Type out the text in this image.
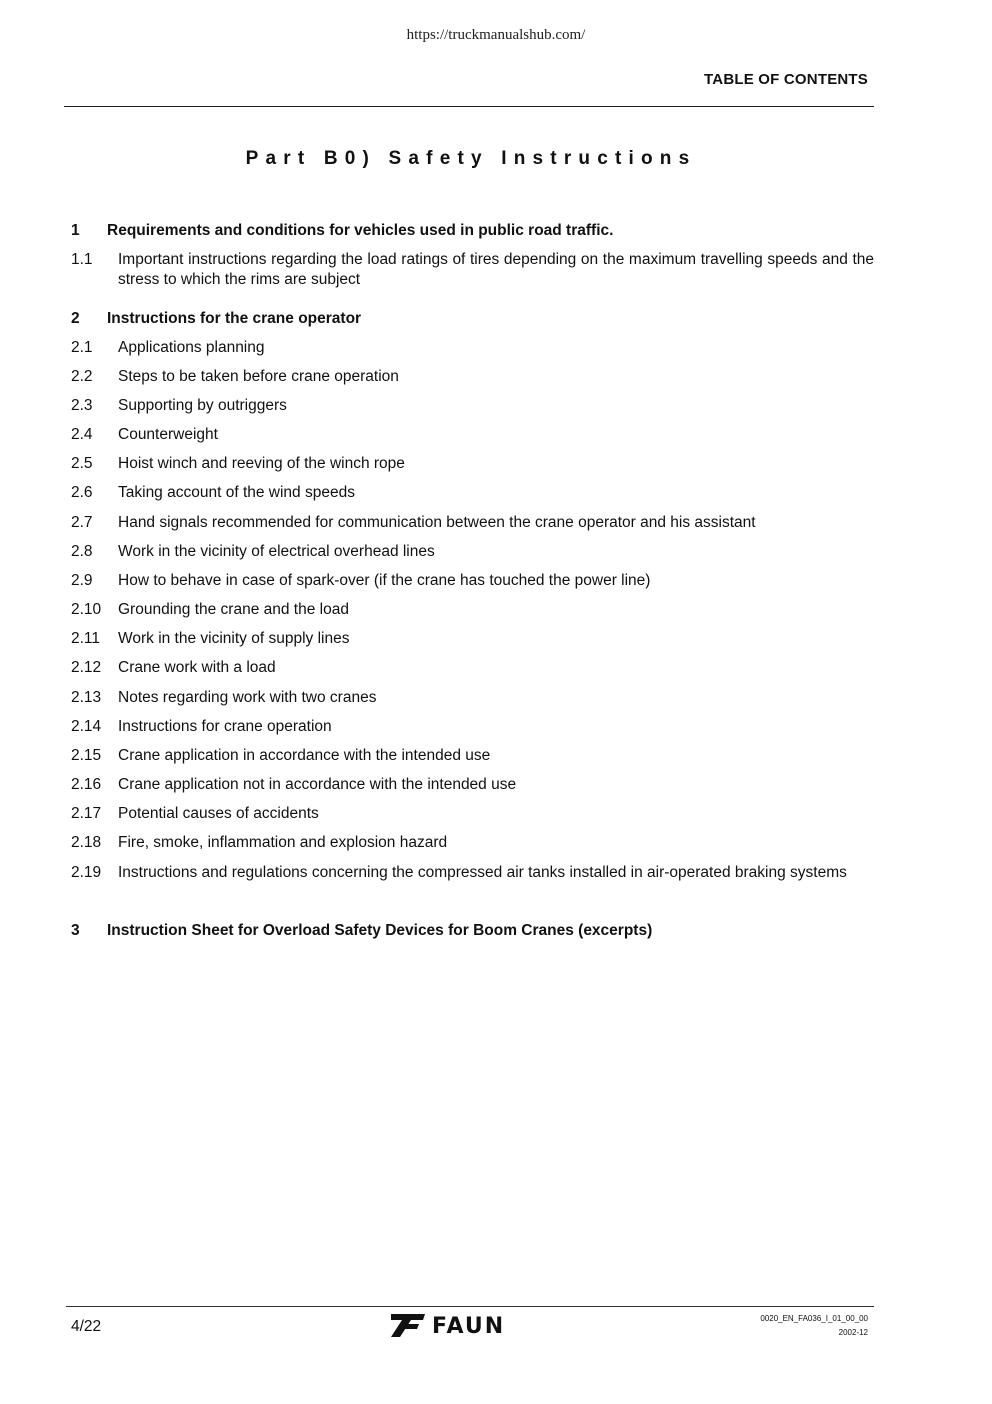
https://truckmanualshub.com/
TABLE OF CONTENTS
Part B0) Safety Instructions
1 Requirements and conditions for vehicles used in public road traffic.
1.1 Important instructions regarding the load ratings of tires depending on the maximum travelling speeds and the stress to which the rims are subject
2 Instructions for the crane operator
2.1 Applications planning
2.2 Steps to be taken before crane operation
2.3 Supporting by outriggers
2.4 Counterweight
2.5 Hoist winch and reeving of the winch rope
2.6 Taking account of the wind speeds
2.7 Hand signals recommended for communication between the crane operator and his assistant
2.8 Work in the vicinity of electrical overhead lines
2.9 How to behave in case of spark-over (if the crane has touched the power line)
2.10 Grounding the crane and the load
2.11 Work in the vicinity of supply lines
2.12 Crane work with a load
2.13 Notes regarding work with two cranes
2.14 Instructions for crane operation
2.15 Crane application in accordance with the intended use
2.16 Crane application not in accordance with the intended use
2.17 Potential causes of accidents
2.18 Fire, smoke, inflammation and explosion hazard
2.19 Instructions and regulations concerning the compressed air tanks installed in air-operated braking systems
3 Instruction Sheet for Overload Safety Devices for Boom Cranes (excerpts)
4/22	FAUN	0020_EN_FA036_I_01_00_00
2002-12
